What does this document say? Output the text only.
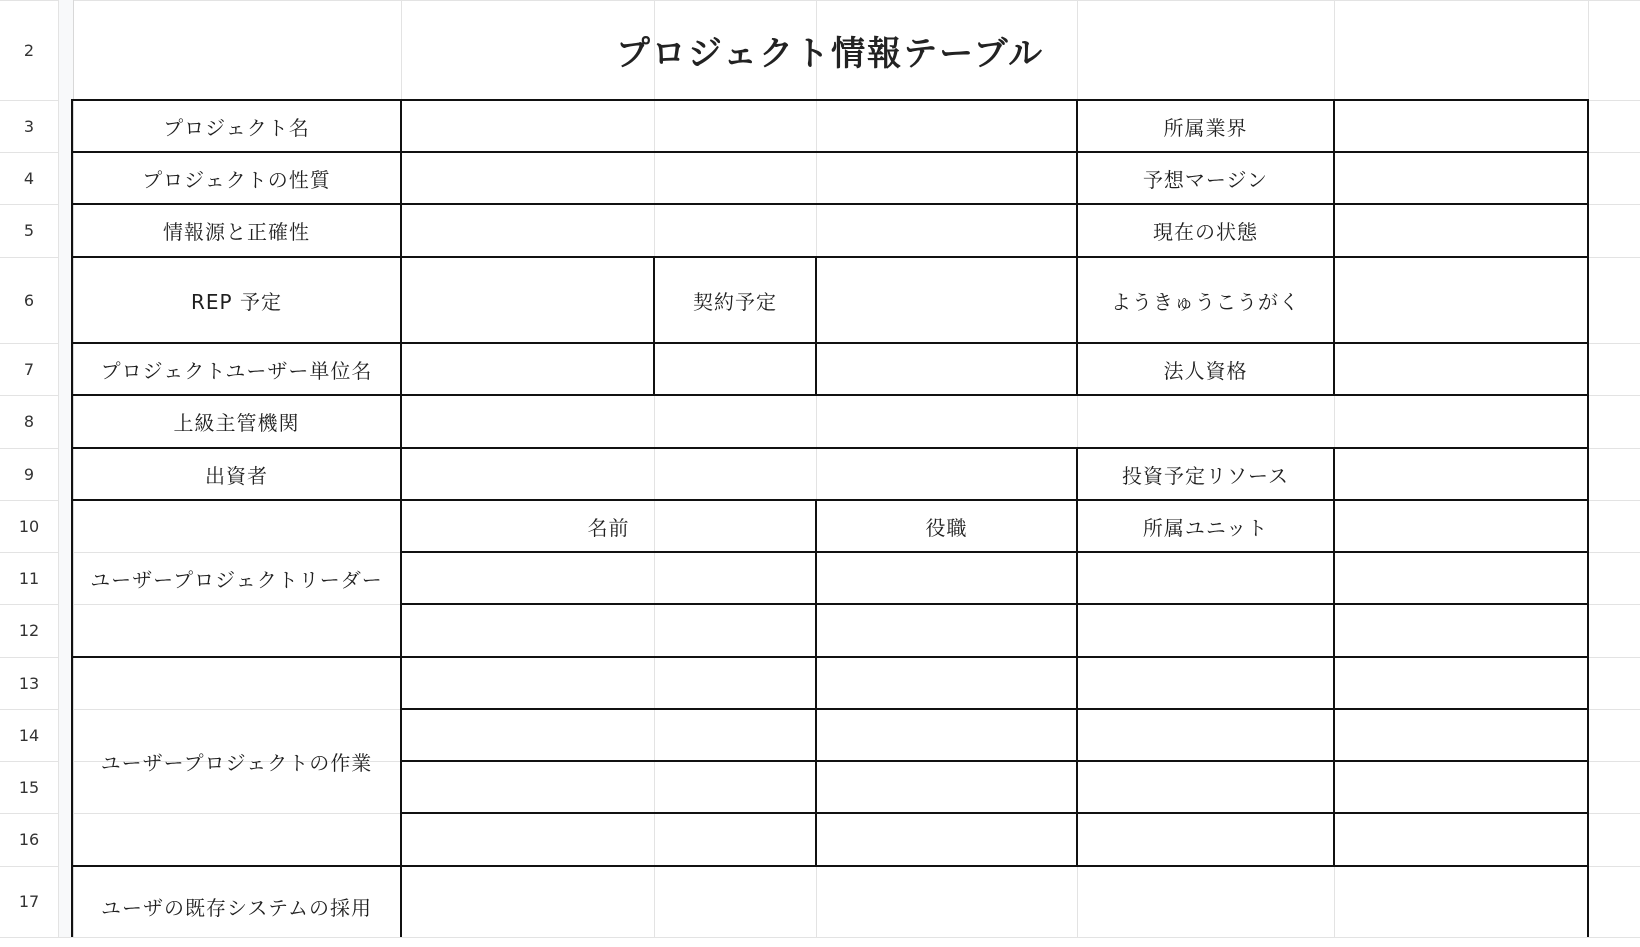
2
3
4
5
6
7
8
9
10
11
12
13
14
15
16
17
プロジェクト情報テーブル
プロジェクト名	所属業界
プロジェクトの性質	予想マージン
情報源と正確性	現在の状態
REP 予定	契約予定	ようきゅうこうがく
プロジェクトユーザー単位名	法人資格
上級主管機関
出資者	投資予定リソース
名前	役職	所属ユニット
ユーザープロジェクトリーダー
ユーザープロジェクトの作業
ユーザの既存システムの採用
